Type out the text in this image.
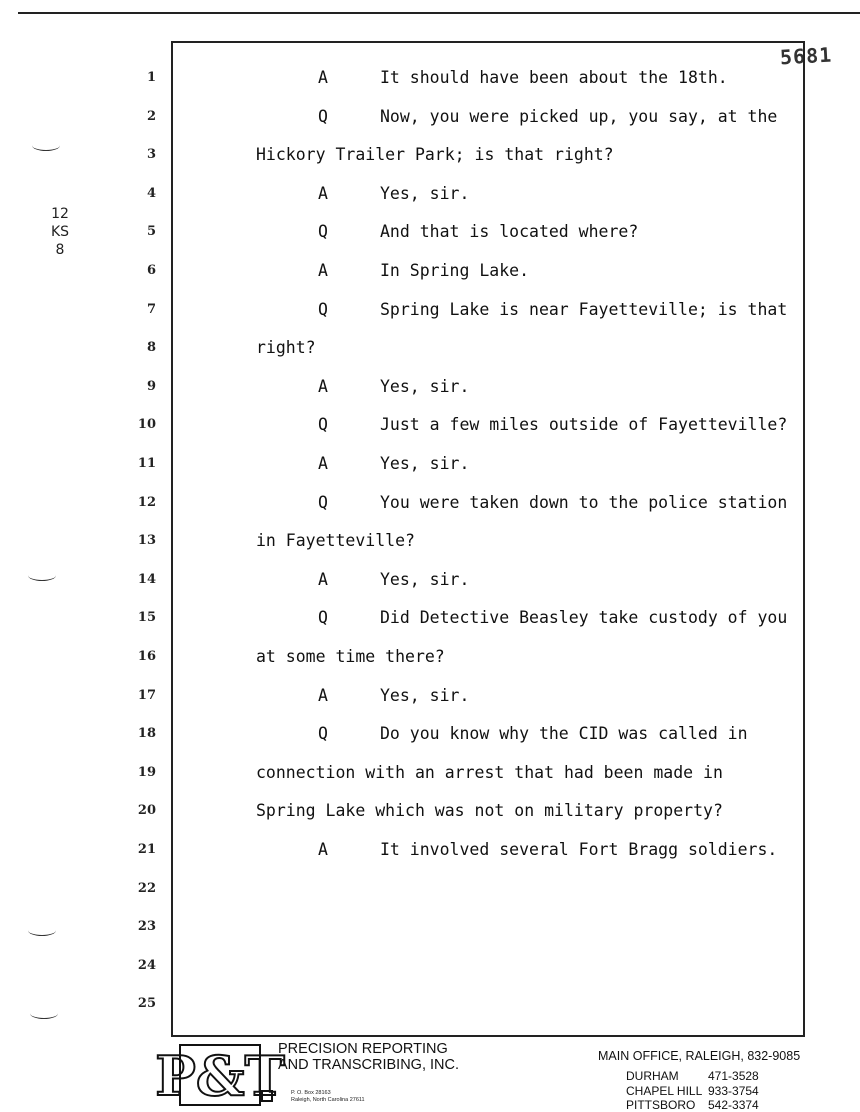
5681
12
KS
8
1	A	It should have been about the 18th.
2	Q	Now, you were picked up, you say, at the
3	Hickory Trailer Park; is that right?
4	A	Yes, sir.
5	Q	And that is located where?
6	A	In Spring Lake.
7	Q	Spring Lake is near Fayetteville; is that
8	right?
9	A	Yes, sir.
10	Q	Just a few miles outside of Fayetteville?
11	A	Yes, sir.
12	Q	You were taken down to the police station
13	in Fayetteville?
14	A	Yes, sir.
15	Q	Did Detective Beasley take custody of you
16	at some time there?
17	A	Yes, sir.
18	Q	Do you know why the CID was called in
19	connection with an arrest that had been made in
20	Spring Lake which was not on military property?
21	A	It involved several Fort Bragg soldiers.
22
23
24
25
P&T
PRECISION REPORTING
AND TRANSCRIBING, INC.
P. O. Box 28163
Raleigh, North Carolina 27611
MAIN OFFICE, RALEIGH, 832-9085
DURHAM 471-3528
CHAPEL HILL 933-3754
PITTSBORO 542-3374
